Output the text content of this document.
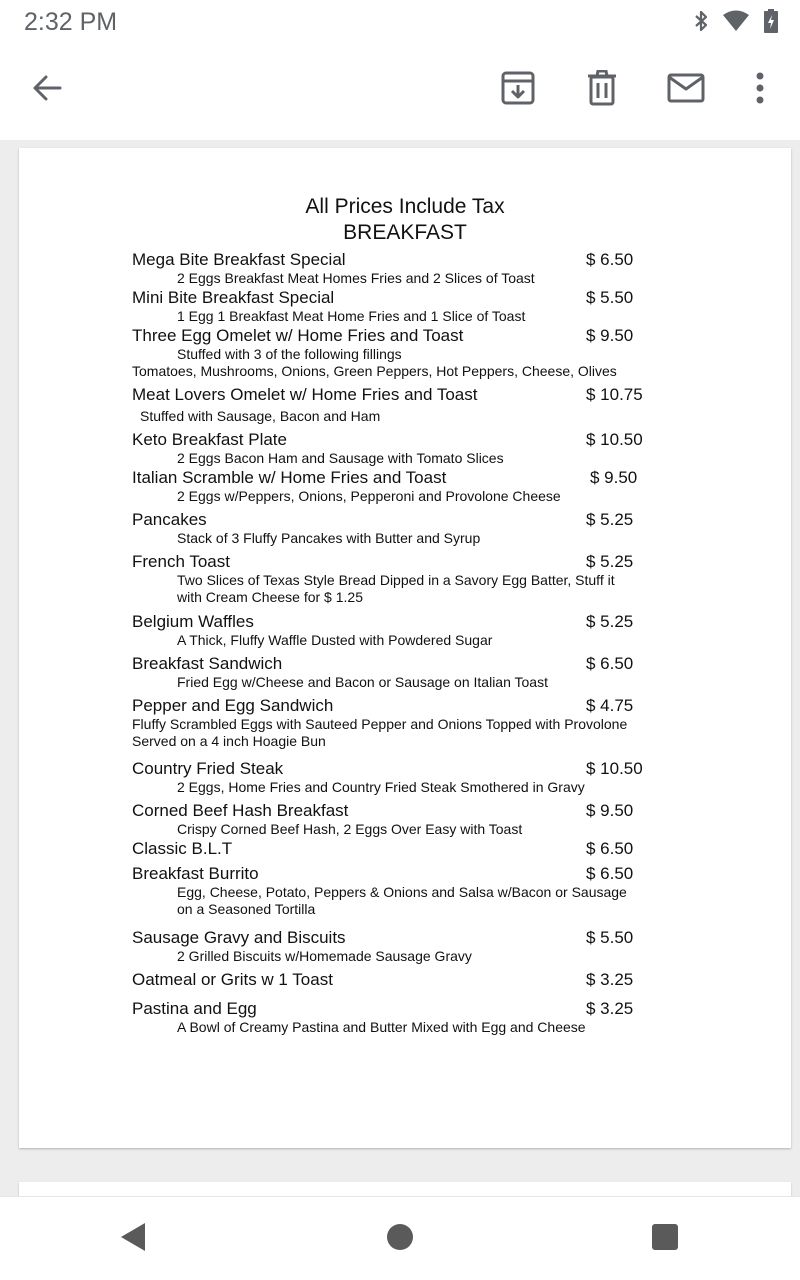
2:32 PM
All Prices Include Tax
BREAKFAST
Mega Bite Breakfast Special	$ 6.50
2 Eggs Breakfast Meat Homes Fries and 2 Slices of Toast
Mini Bite Breakfast Special	$ 5.50
1 Egg 1 Breakfast Meat Home Fries and 1 Slice of Toast
Three Egg Omelet w/ Home Fries and Toast	$ 9.50
Stuffed with 3 of the following fillings
Tomatoes, Mushrooms, Onions, Green Peppers, Hot Peppers, Cheese, Olives
Meat Lovers Omelet w/ Home Fries and Toast	$ 10.75
Stuffed with Sausage, Bacon and Ham
Keto Breakfast Plate	$ 10.50
2 Eggs Bacon Ham and Sausage with Tomato Slices
Italian Scramble w/ Home Fries and Toast	$ 9.50
2 Eggs w/Peppers, Onions, Pepperoni and Provolone Cheese
Pancakes	$ 5.25
Stack of 3 Fluffy Pancakes with Butter and Syrup
French Toast	$ 5.25
Two Slices of Texas Style Bread Dipped in a Savory Egg Batter, Stuff it
with Cream Cheese for $ 1.25
Belgium Waffles	$ 5.25
A Thick, Fluffy Waffle Dusted with Powdered Sugar
Breakfast Sandwich	$ 6.50
Fried Egg w/Cheese and Bacon or Sausage on Italian Toast
Pepper and Egg Sandwich	$ 4.75
Fluffy Scrambled Eggs with Sauteed Pepper and Onions Topped with Provolone
Served on a 4 inch Hoagie Bun
Country Fried Steak	$ 10.50
2 Eggs, Home Fries and Country Fried Steak Smothered in Gravy
Corned Beef Hash Breakfast	$ 9.50
Crispy Corned Beef Hash, 2 Eggs Over Easy with Toast
Classic B.L.T	$ 6.50
Breakfast Burrito	$ 6.50
Egg, Cheese, Potato, Peppers & Onions and Salsa w/Bacon or Sausage
on a Seasoned Tortilla
Sausage Gravy and Biscuits	$ 5.50
2 Grilled Biscuits w/Homemade Sausage Gravy
Oatmeal or Grits w 1 Toast	$ 3.25
Pastina and Egg	$ 3.25
A Bowl of Creamy Pastina and Butter Mixed with Egg and Cheese
